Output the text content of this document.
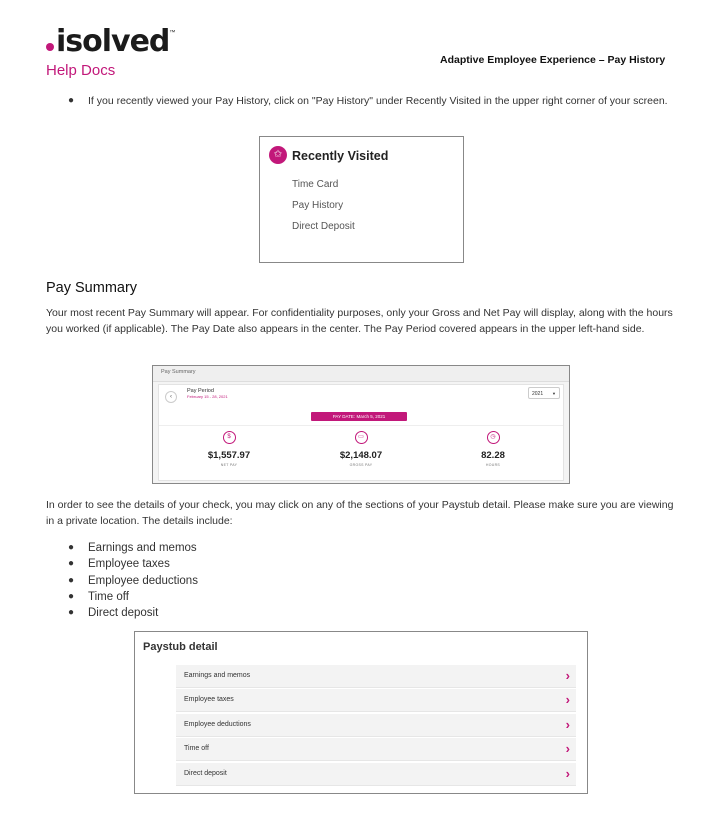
isolved ™
Help Docs
Adaptive Employee Experience – Pay History
●	If you recently viewed your Pay History, click on "Pay History" under Recently Visited in the upper right corner of your screen.
✩ Recently Visited
Time Card
Pay History
Direct Deposit
Pay Summary
Your most recent Pay Summary will appear. For confidentiality purposes, only your Gross and Net Pay will display, along with the hours you worked (if applicable). The Pay Date also appears in the center. The Pay Period covered appears in the upper left-hand side.
Pay Summary
‹
Pay Period
February 15 - 28, 2021	2021 ▼
PAY DATE: March 5, 2021
$
$1,557.97
NET PAY
▭
$2,148.07
GROSS PAY
◷
82.28
HOURS
In order to see the details of your check, you may click on any of the sections of your Paystub detail. Please make sure you are viewing in a private location. The details include:
●	Earnings and memos
●	Employee taxes
●	Employee deductions
●	Time off
●	Direct deposit
Paystub detail
Earnings and memos	›
Employee taxes	›
Employee deductions	›
Time off	›
Direct deposit	›
